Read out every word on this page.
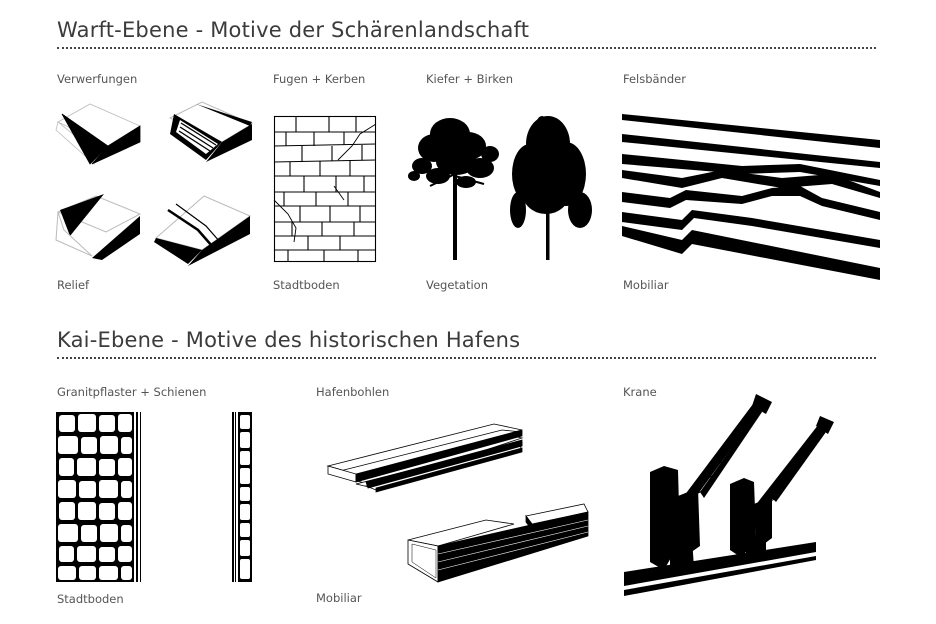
Warft-Ebene - Motive der Schärenlandschaft
Verwerfungen	Fugen + Kerben	Kiefer + Birken	Felsbänder
Relief	Stadtboden	Vegetation	Mobiliar
Kai-Ebene - Motive des historischen Hafens
Granitpflaster + Schienen	Hafenbohlen	Krane
Stadtboden	Mobiliar
